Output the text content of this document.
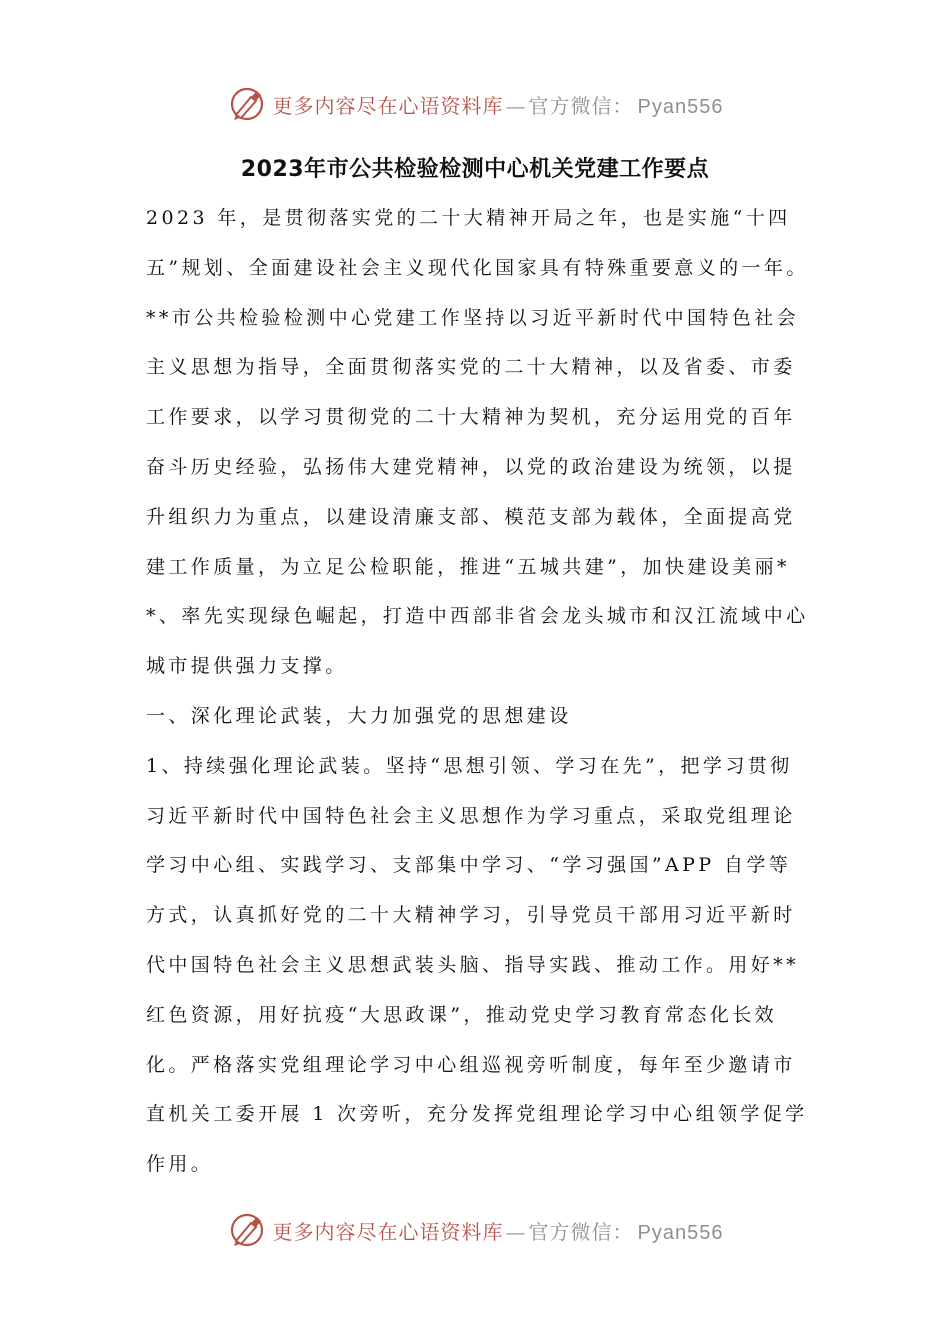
更多内容尽在心语资料库 — 官方微信： Pyan556
2023年市公共检验检测中心机关党建工作要点

2023 年，是贯彻落实党的二十大精神开局之年，也是实施“十四

五”规划、全面建设社会主义现代化国家具有特殊重要意义的一年。

**市公共检验检测中心党建工作坚持以习近平新时代中国特色社会

主义思想为指导，全面贯彻落实党的二十大精神，以及省委、市委

工作要求，以学习贯彻党的二十大精神为契机，充分运用党的百年

奋斗历史经验，弘扬伟大建党精神，以党的政治建设为统领，以提

升组织力为重点，以建设清廉支部、模范支部为载体，全面提高党

建工作质量，为立足公检职能，推进“五城共建”，加快建设美丽*

*、率先实现绿色崛起，打造中西部非省会龙头城市和汉江流域中心

城市提供强力支撑。

一、深化理论武装，大力加强党的思想建设

1、持续强化理论武装。坚持“思想引领、学习在先”，把学习贯彻

习近平新时代中国特色社会主义思想作为学习重点，采取党组理论

学习中心组、实践学习、支部集中学习、“学习强国”APP 自学等

方式，认真抓好党的二十大精神学习，引导党员干部用习近平新时

代中国特色社会主义思想武装头脑、指导实践、推动工作。用好**

红色资源，用好抗疫“大思政课”，推动党史学习教育常态化长效

化。严格落实党组理论学习中心组巡视旁听制度，每年至少邀请市

直机关工委开展 1 次旁听，充分发挥党组理论学习中心组领学促学

作用。

更多内容尽在心语资料库 — 官方微信： Pyan556
